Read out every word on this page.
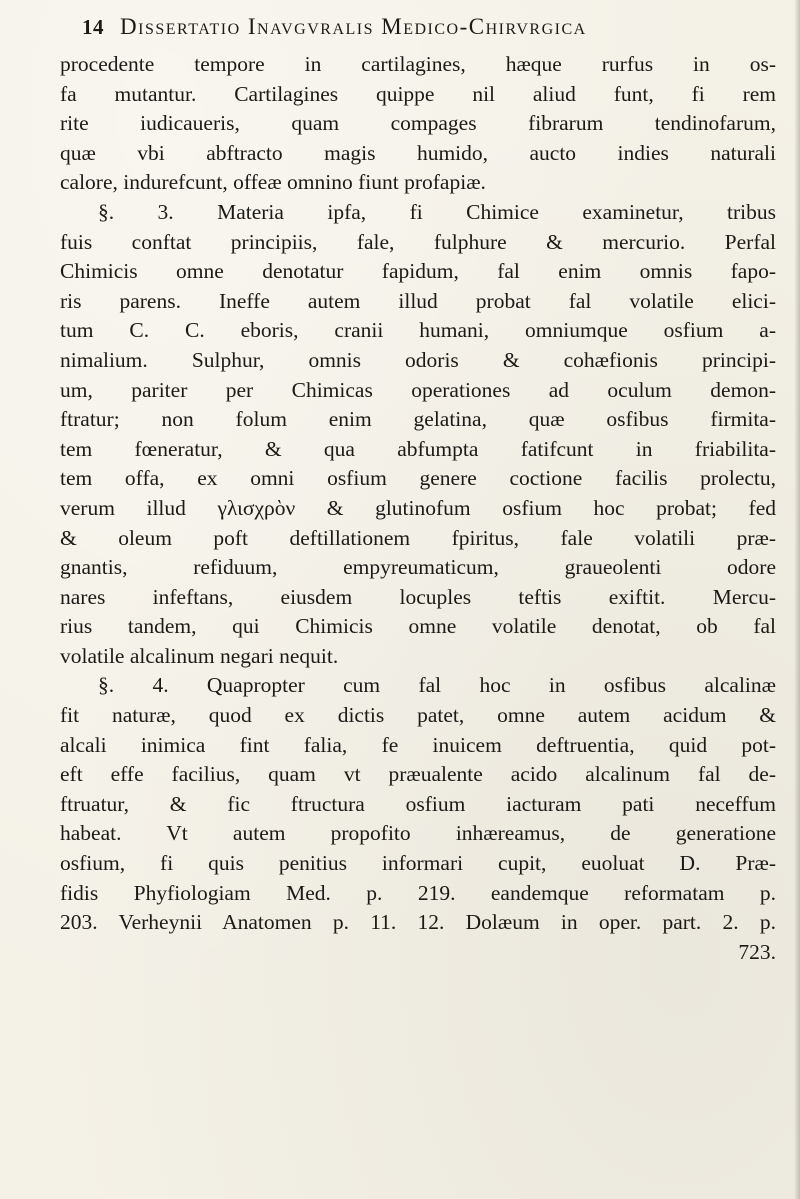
14 Dissertatio Inavgvralis Medico-Chirvrgica
procedente tempore in cartilagines, hæque rurfus in os-
fa mutantur. Cartilagines quippe nil aliud funt, fi rem
rite iudicaueris, quam compages fibrarum tendinofarum,
quæ vbi abftracto magis humido, aucto indies naturali
calore, indurefcunt, offeæ omnino fiunt profapiæ.
§. 3. Materia ipfa, fi Chimice examinetur, tribus
fuis conftat principiis, fale, fulphure & mercurio. Perfal
Chimicis omne denotatur fapidum, fal enim omnis fapo-
ris parens. Ineffe autem illud probat fal volatile elici-
tum C. C. eboris, cranii humani, omniumque osfium a-
nimalium. Sulphur, omnis odoris & cohæfionis principi-
um, pariter per Chimicas operationes ad oculum demon-
ftratur; non folum enim gelatina, quæ osfibus firmita-
tem fœneratur, & qua abfumpta fatifcunt in friabilita-
tem offa, ex omni osfium genere coctione facilis prolectu,
verum illud γλισχρὸν & glutinofum osfium hoc probat; fed
& oleum poft deftillationem fpiritus, fale volatili præ-
gnantis, refiduum, empyreumaticum, graueolenti odore
nares infeftans, eiusdem locuples teftis exiftit. Mercu-
rius tandem, qui Chimicis omne volatile denotat, ob fal
volatile alcalinum negari nequit.
§. 4. Quapropter cum fal hoc in osfibus alcalinæ
fit naturæ, quod ex dictis patet, omne autem acidum &
alcali inimica fint falia, fe inuicem deftruentia, quid pot-
eft effe facilius, quam vt præualente acido alcalinum fal de-
ftruatur, & fic ftructura osfium iacturam pati neceffum
habeat. Vt autem propofito inhæreamus, de generatione
osfium, fi quis penitius informari cupit, euoluat D. Præ-
fidis Phyfiologiam Med. p. 219. eandemque reformatam p.
203. Verheynii Anatomen p. 11. 12. Dolæum in oper. part. 2. p.
723.
